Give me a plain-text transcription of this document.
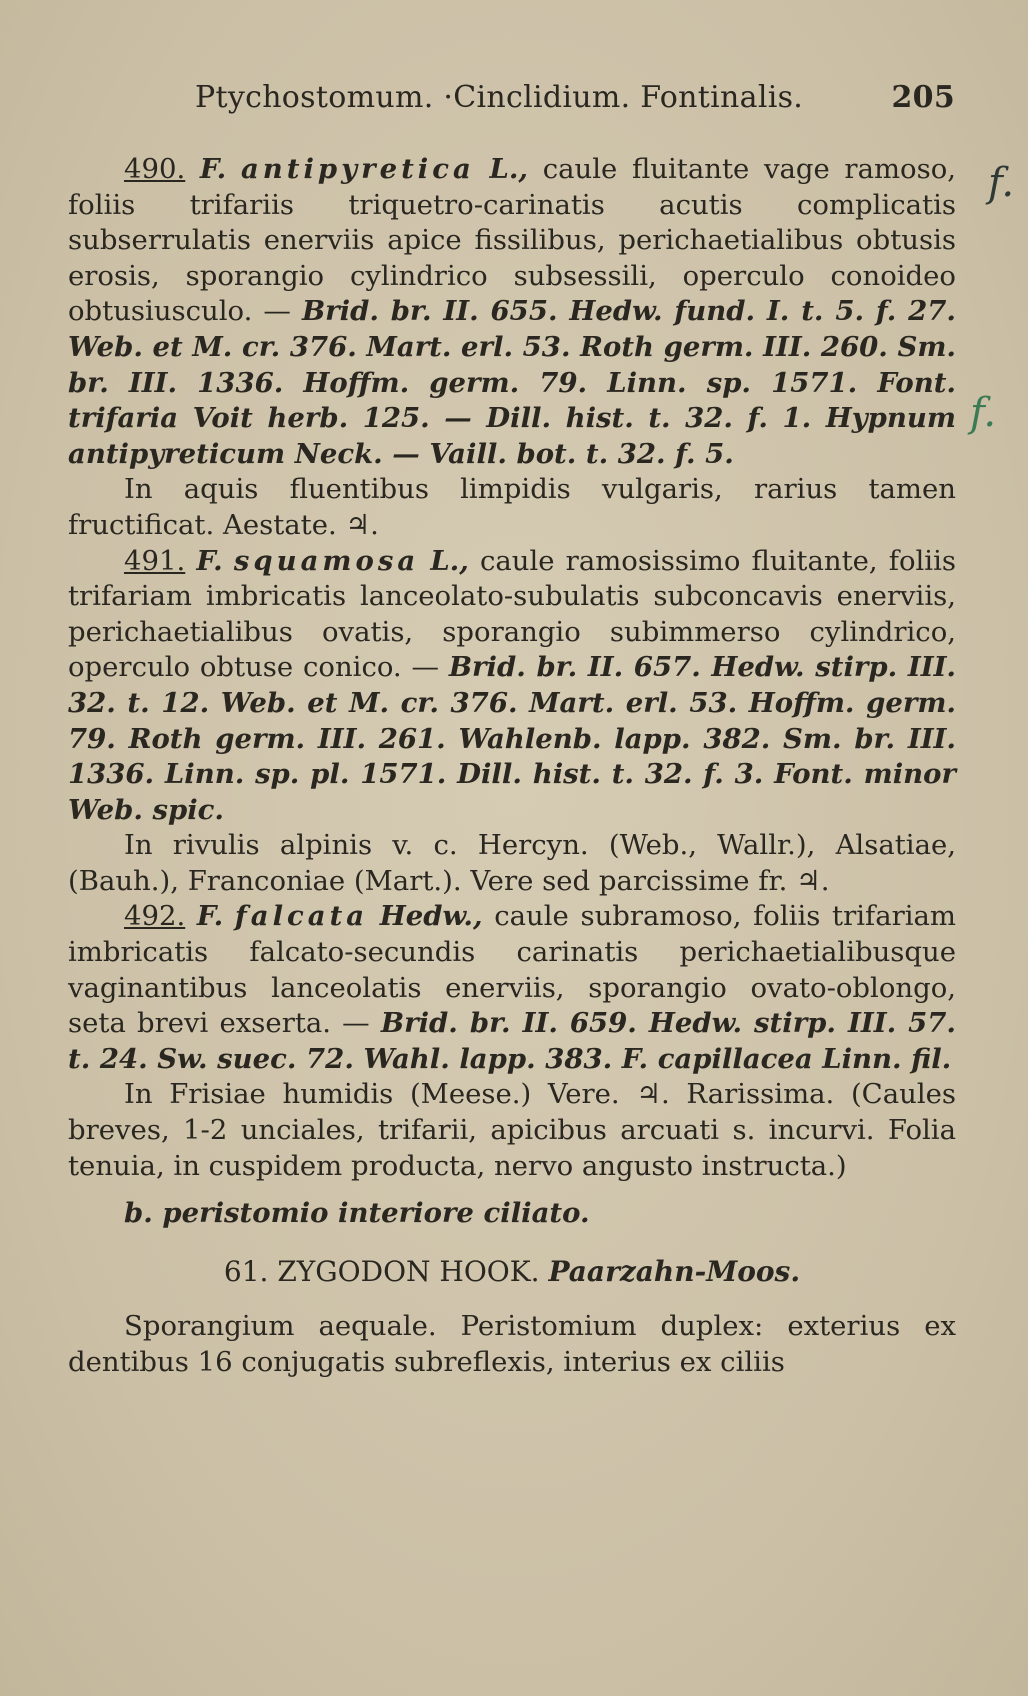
Ptychostomum. ·Cinclidium. Fontinalis.	205
f.
f.

490. F. antipyretica L., caule fluitante vage ramoso, foliis trifariis triquetro-carinatis acutis complicatis subserrulatis enerviis apice fissilibus, perichaetialibus obtusis erosis, sporangio cylindrico subsessili, operculo conoideo obtusiusculo. — Brid. br. II. 655. Hedw. fund. I. t. 5. f. 27. Web. et M. cr. 376. Mart. erl. 53. Roth germ. III. 260. Sm. br. III. 1336. Hoffm. germ. 79. Linn. sp. 1571. Font. trifaria Voit herb. 125. — Dill. hist. t. 32. f. 1. Hypnum antipyreticum Neck. — Vaill. bot. t. 32. f. 5.

In aquis fluentibus limpidis vulgaris, rarius tamen fructificat. Aestate. ♃.

491. F. squamosa L., caule ramosissimo fluitante, foliis trifariam imbricatis lanceolato-subulatis subconcavis enerviis, perichaetialibus ovatis, sporangio subimmerso cylindrico, operculo obtuse conico. — Brid. br. II. 657. Hedw. stirp. III. 32. t. 12. Web. et M. cr. 376. Mart. erl. 53. Hoffm. germ. 79. Roth germ. III. 261. Wahlenb. lapp. 382. Sm. br. III. 1336. Linn. sp. pl. 1571. Dill. hist. t. 32. f. 3. Font. minor Web. spic.

In rivulis alpinis v. c. Hercyn. (Web., Wallr.), Alsatiae, (Bauh.), Franconiae (Mart.). Vere sed parcissime fr. ♃.

492. F. falcata Hedw., caule subramoso, foliis trifariam imbricatis falcato-secundis carinatis perichaetialibusque vaginantibus lanceolatis enerviis, sporangio ovato-oblongo, seta brevi exserta. — Brid. br. II. 659. Hedw. stirp. III. 57. t. 24. Sw. suec. 72. Wahl. lapp. 383. F. capillacea Linn. fil.

In Frisiae humidis (Meese.) Vere. ♃. Rarissima. (Caules breves, 1-2 unciales, trifarii, apicibus arcuati s. incurvi. Folia tenuia, in cuspidem producta, nervo angusto instructa.)

b. peristomio interiore ciliato.

61. ZYGODON HOOK. Paarzahn-Moos.

Sporangium aequale. Peristomium duplex: exterius ex dentibus 16 conjugatis subreflexis, interius ex ciliis
